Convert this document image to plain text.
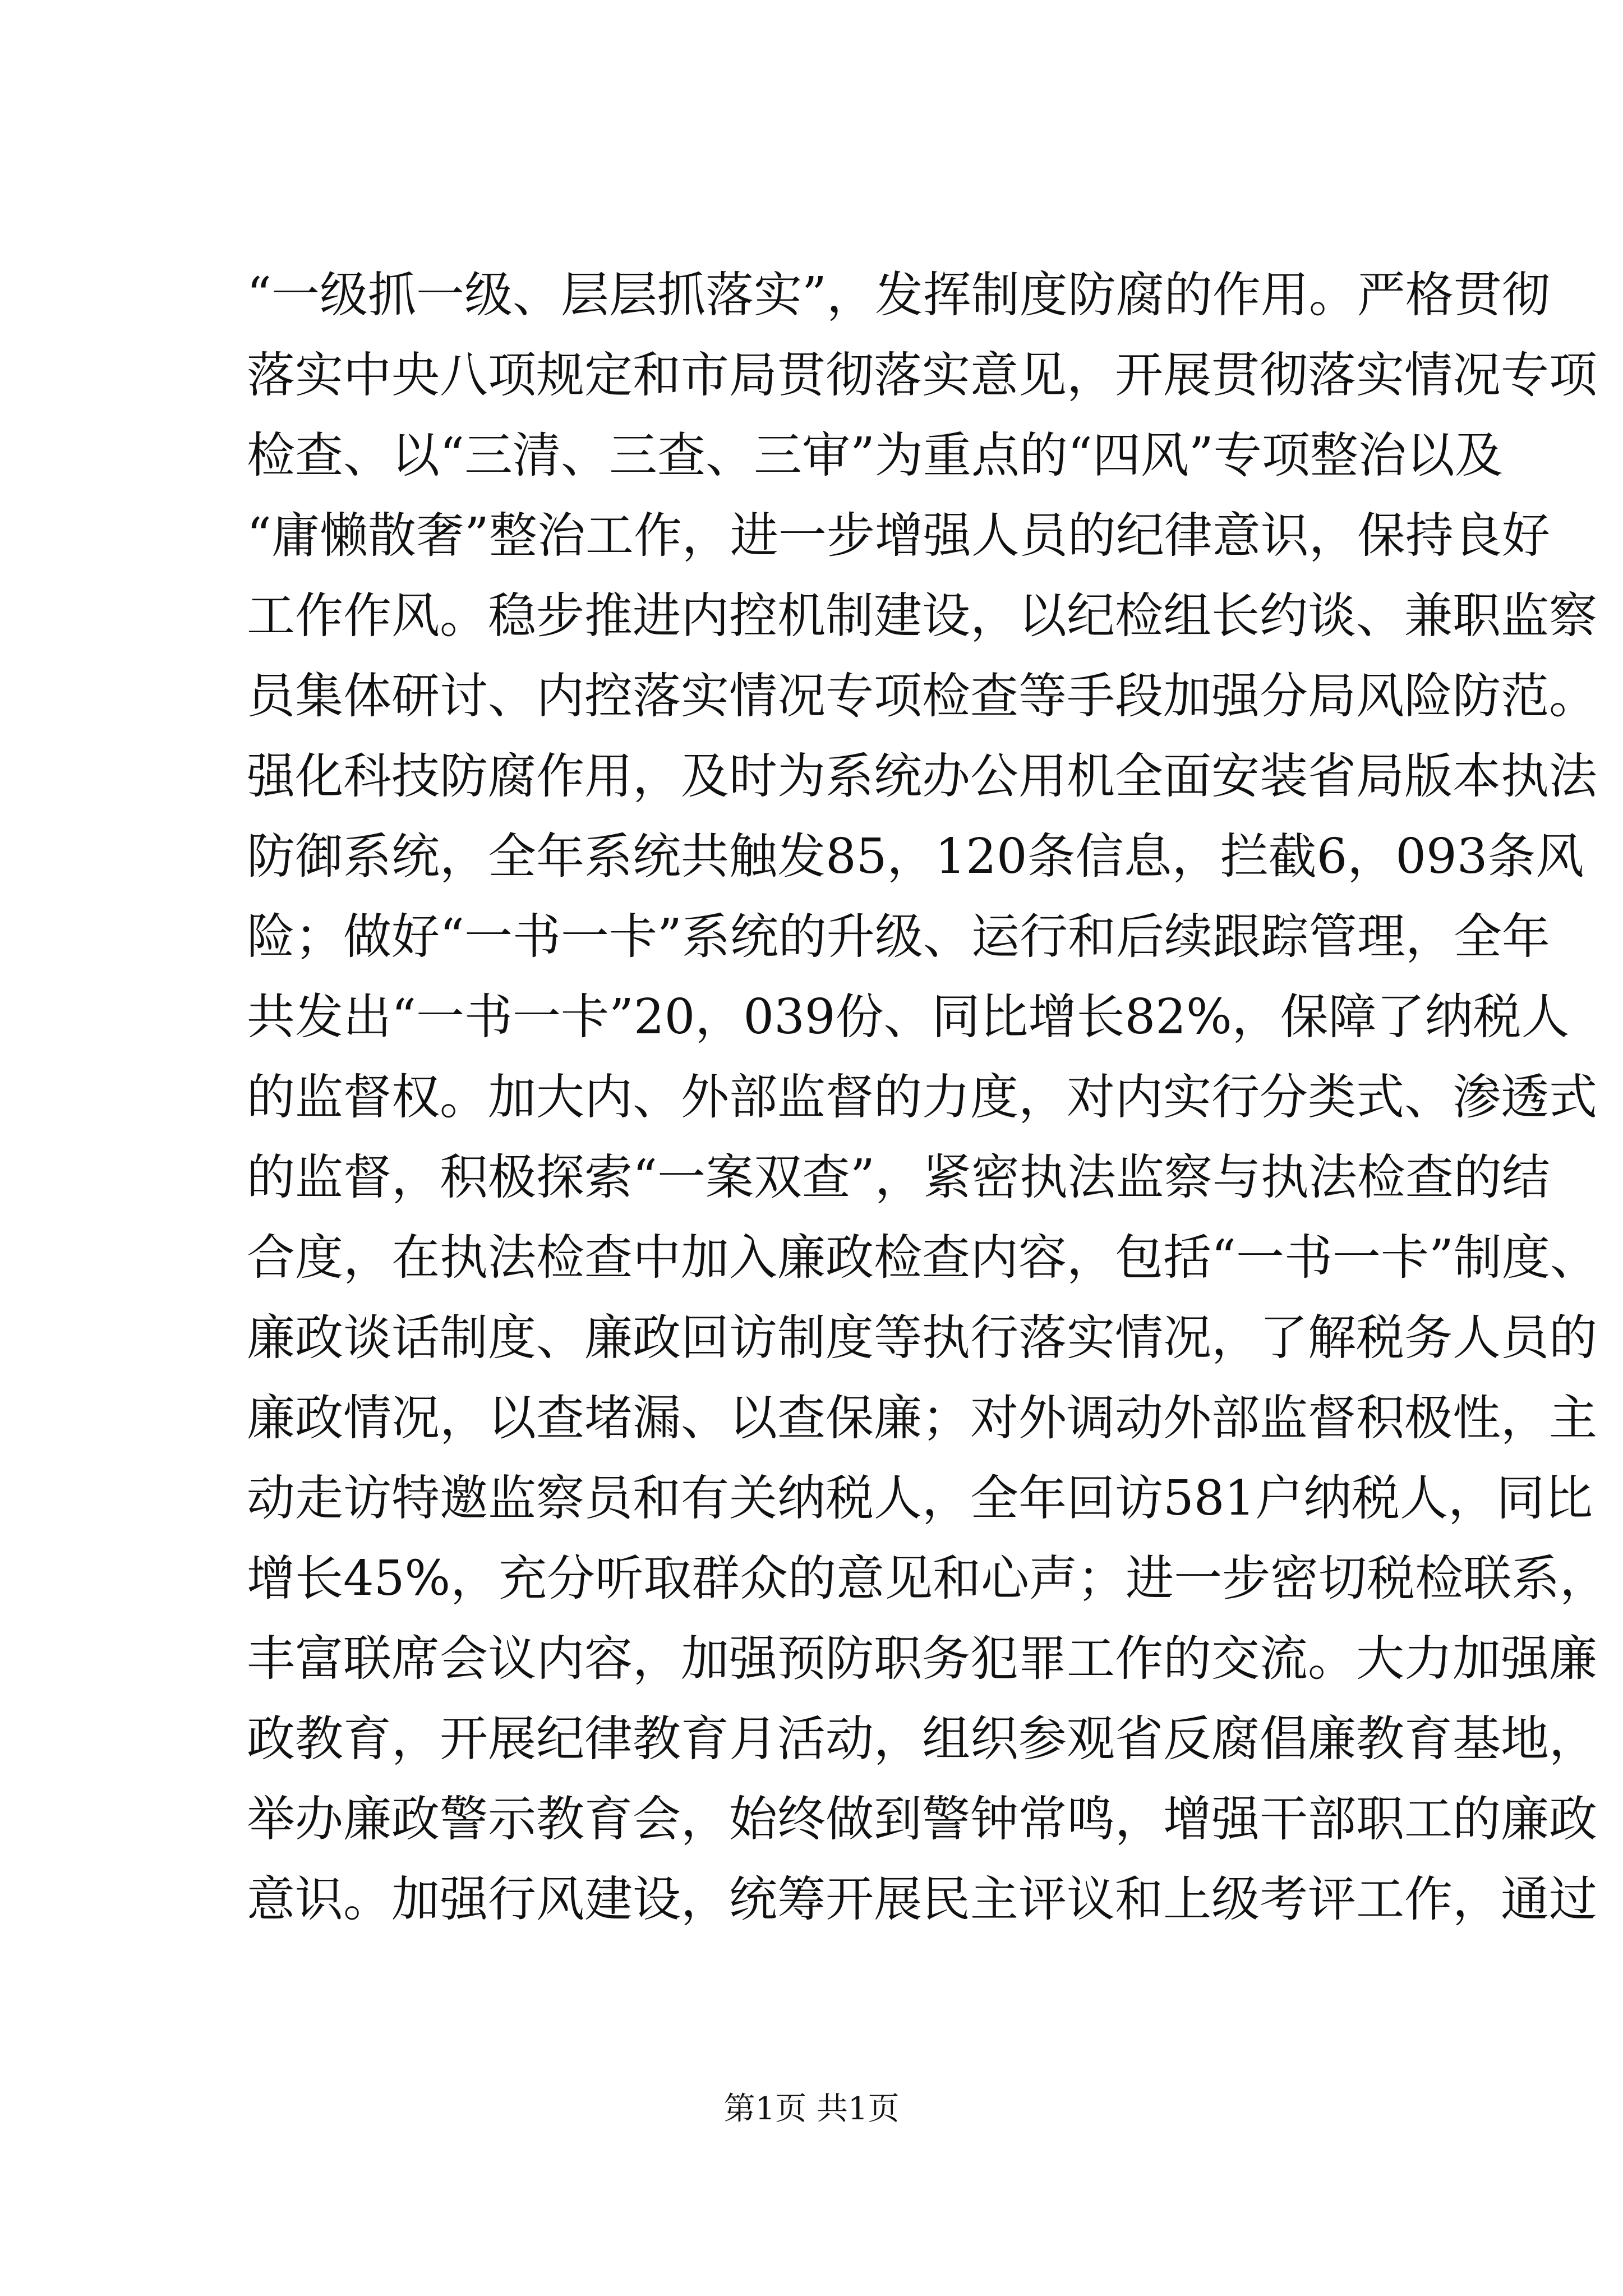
“一级抓一级、层层抓落实”，发挥制度防腐的作用。严格贯彻
落实中央八项规定和市局贯彻落实意见，开展贯彻落实情况专项
检查、以“三清、三查、三审”为重点的“四风”专项整治以及
“庸懒散奢”整治工作，进一步增强人员的纪律意识，保持良好
工作作风。稳步推进内控机制建设，以纪检组长约谈、兼职监察
员集体研讨、内控落实情况专项检查等手段加强分局风险防范。
强化科技防腐作用，及时为系统办公用机全面安装省局版本执法
防御系统，全年系统共触发85，120条信息，拦截6，093条风
险；做好“一书一卡”系统的升级、运行和后续跟踪管理，全年
共发出“一书一卡”20，039份、同比增长82%，保障了纳税人
的监督权。加大内、外部监督的力度，对内实行分类式、渗透式
的监督，积极探索“一案双查”，紧密执法监察与执法检查的结
合度，在执法检查中加入廉政检查内容，包括“一书一卡”制度、
廉政谈话制度、廉政回访制度等执行落实情况，了解税务人员的
廉政情况，以查堵漏、以查保廉；对外调动外部监督积极性，主
动走访特邀监察员和有关纳税人，全年回访581户纳税人，同比
增长45%，充分听取群众的意见和心声；进一步密切税检联系，
丰富联席会议内容，加强预防职务犯罪工作的交流。大力加强廉
政教育，开展纪律教育月活动，组织参观省反腐倡廉教育基地，
举办廉政警示教育会，始终做到警钟常鸣，增强干部职工的廉政
意识。加强行风建设，统筹开展民主评议和上级考评工作，通过
第1页 共1页
